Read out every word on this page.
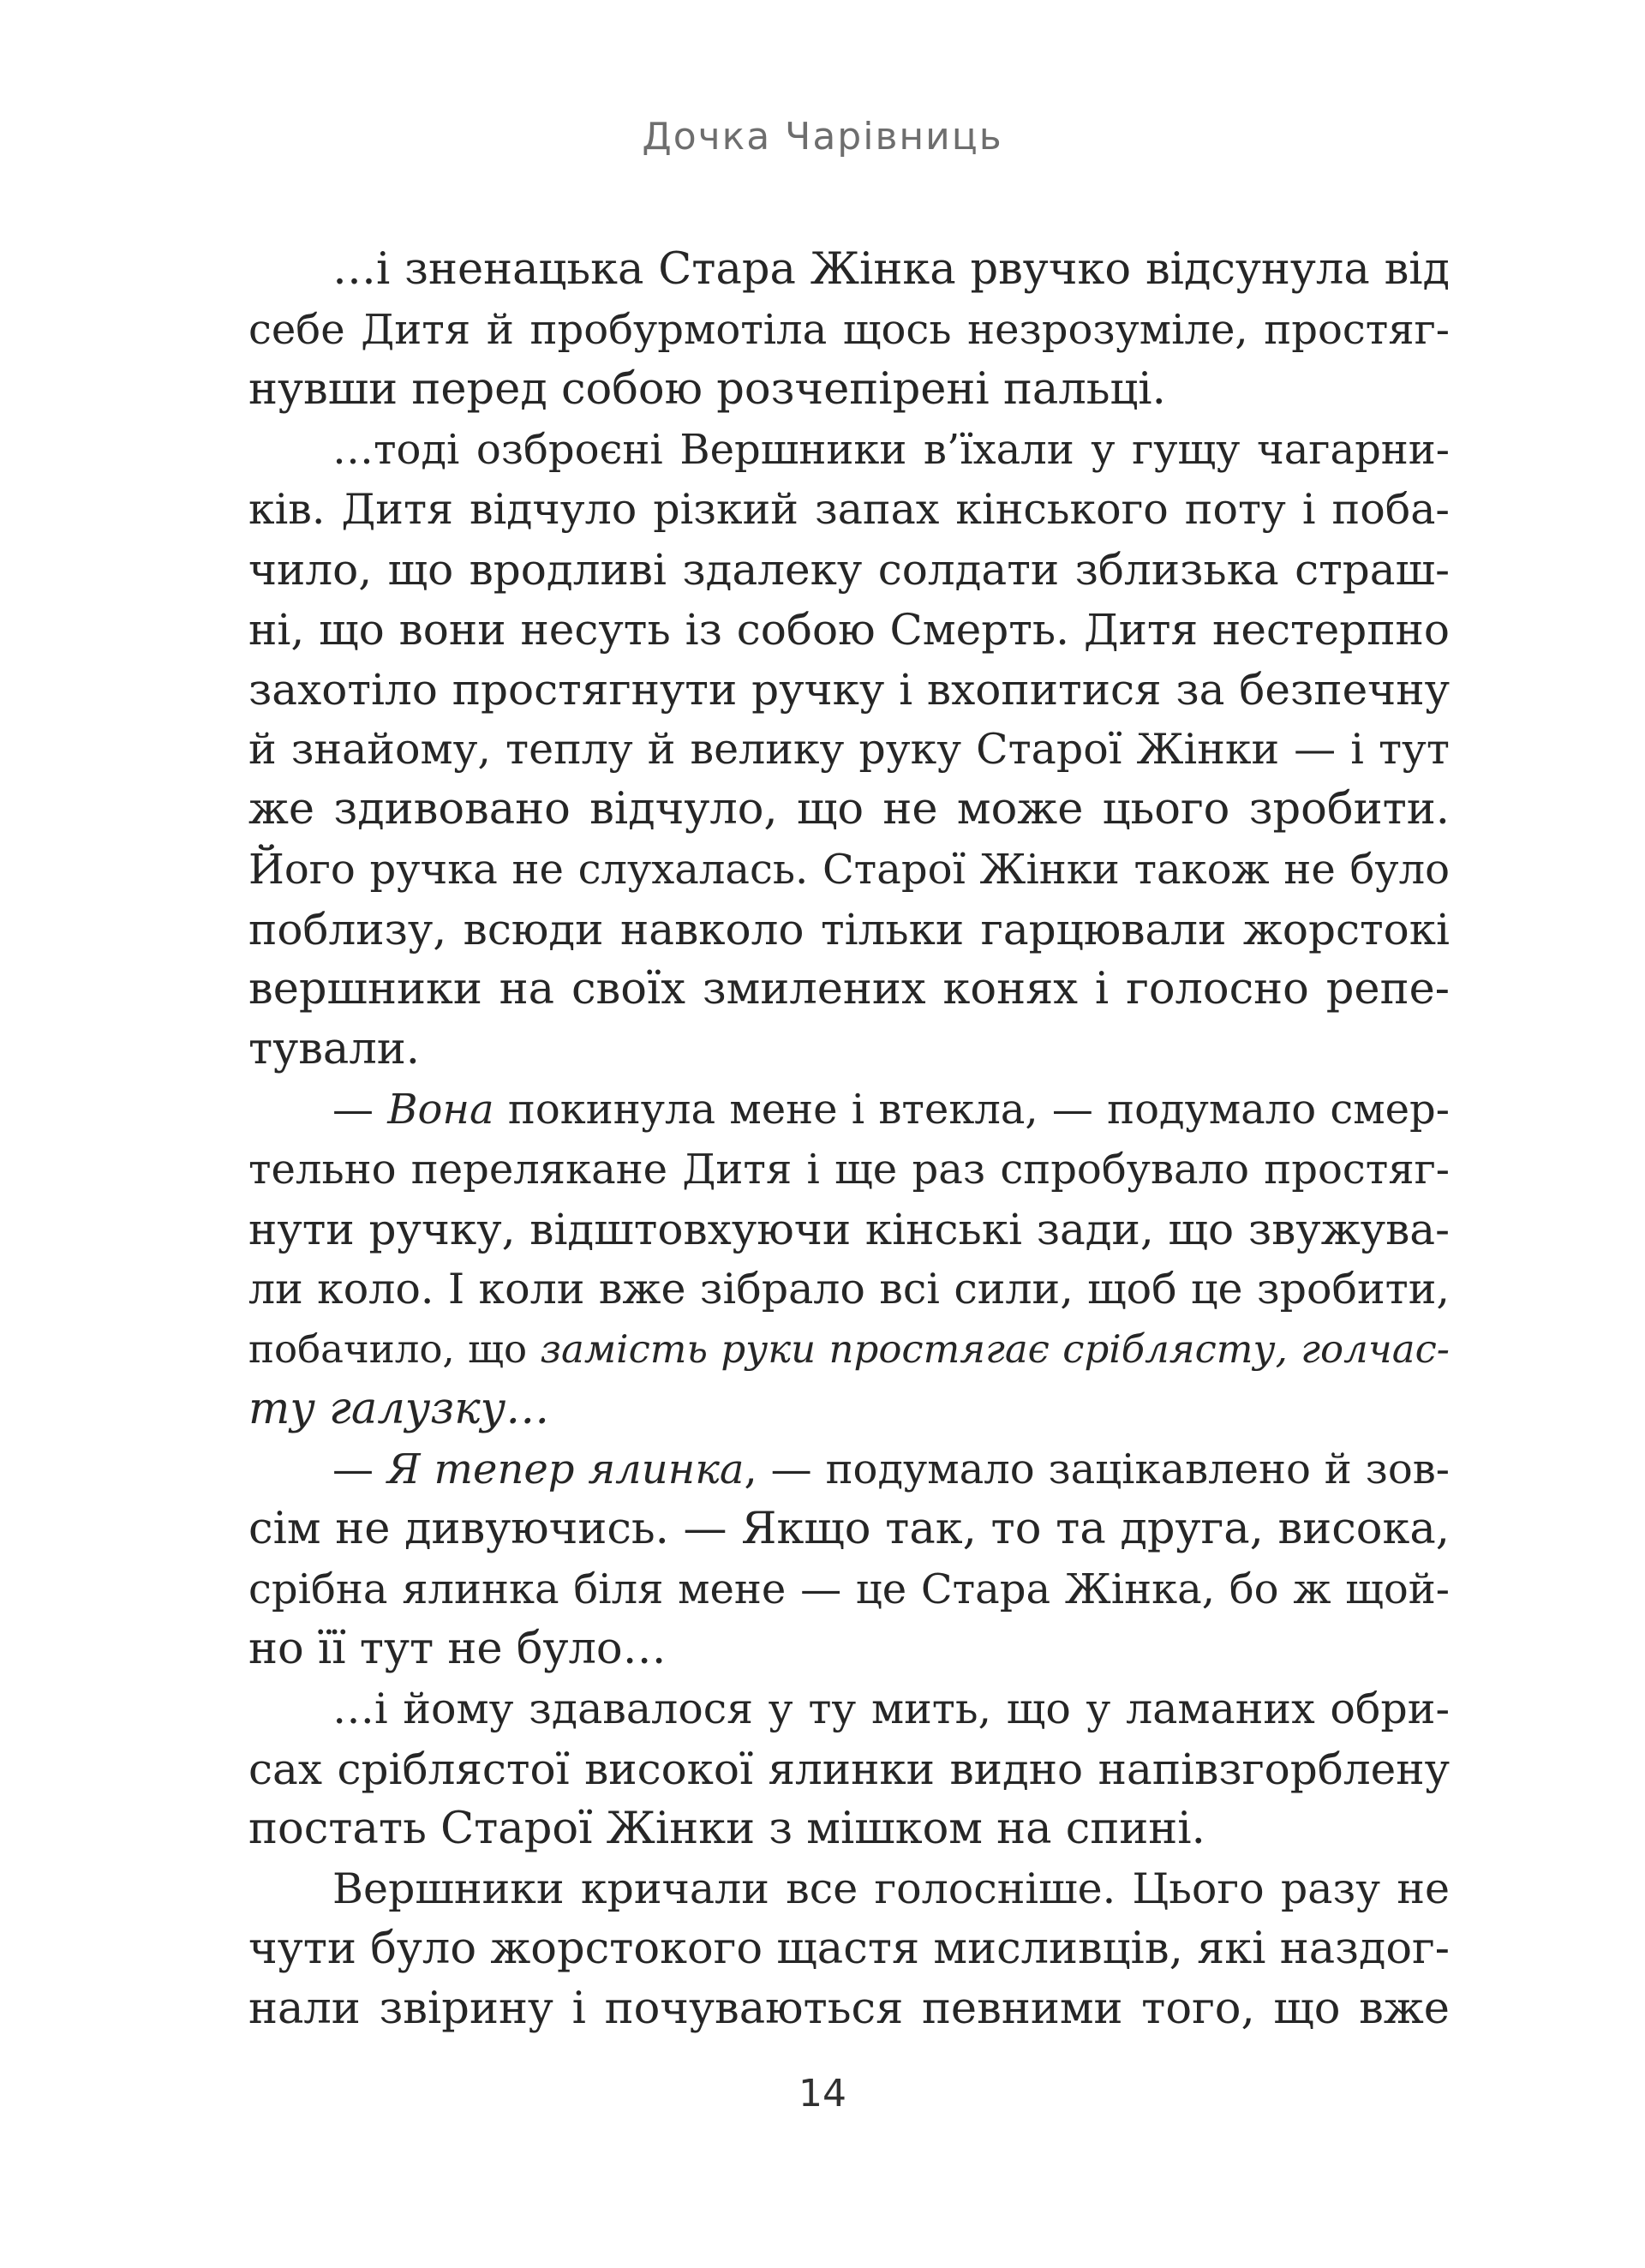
Дочка Чарівниць
…і зненацька Стара Жінка рвучко відсунула від
себе Дитя й пробурмотіла щось незрозуміле, простяг-
нувши перед собою розчепірені пальці.
…тоді озброєні Вершники в’їхали у гущу чагарни-
ків. Дитя відчуло різкий запах кінського поту і поба-
чило, що вродливі здалеку солдати зблизька страш-
ні, що вони несуть із собою Смерть. Дитя нестерпно
захотіло простягнути ручку і вхопитися за безпечну
й знайому, теплу й велику руку Старої Жінки — і тут
же здивовано відчуло, що не може цього зробити.
Його ручка не слухалась. Старої Жінки також не було
поблизу, всюди навколо тільки гарцювали жорстокі
вершники на своїх змилених конях і голосно репе-
тували.
— Вона покинула мене і втекла, — подумало смер-
тельно перелякане Дитя і ще раз спробувало простяг-
нути ручку, відштовхуючи кінські зади, що звужува-
ли коло. І коли вже зібрало всі сили, щоб це зробити,
побачило, що замість руки простягає сріблясту, голчас-
ту галузку…
— Я тепер ялинка, — подумало зацікавлено й зов-
сім не дивуючись. — Якщо так, то та друга, висока,
срібна ялинка біля мене — це Стара Жінка, бо ж щой-
но її тут не було…
…і йому здавалося у ту мить, що у ламаних обри-
сах сріблястої високої ялинки видно напівзгорблену
постать Старої Жінки з мішком на спині.
Вершники кричали все голосніше. Цього разу не
чути було жорстокого щастя мисливців, які наздог-
нали звірину і почуваються певними того, що вже
14
